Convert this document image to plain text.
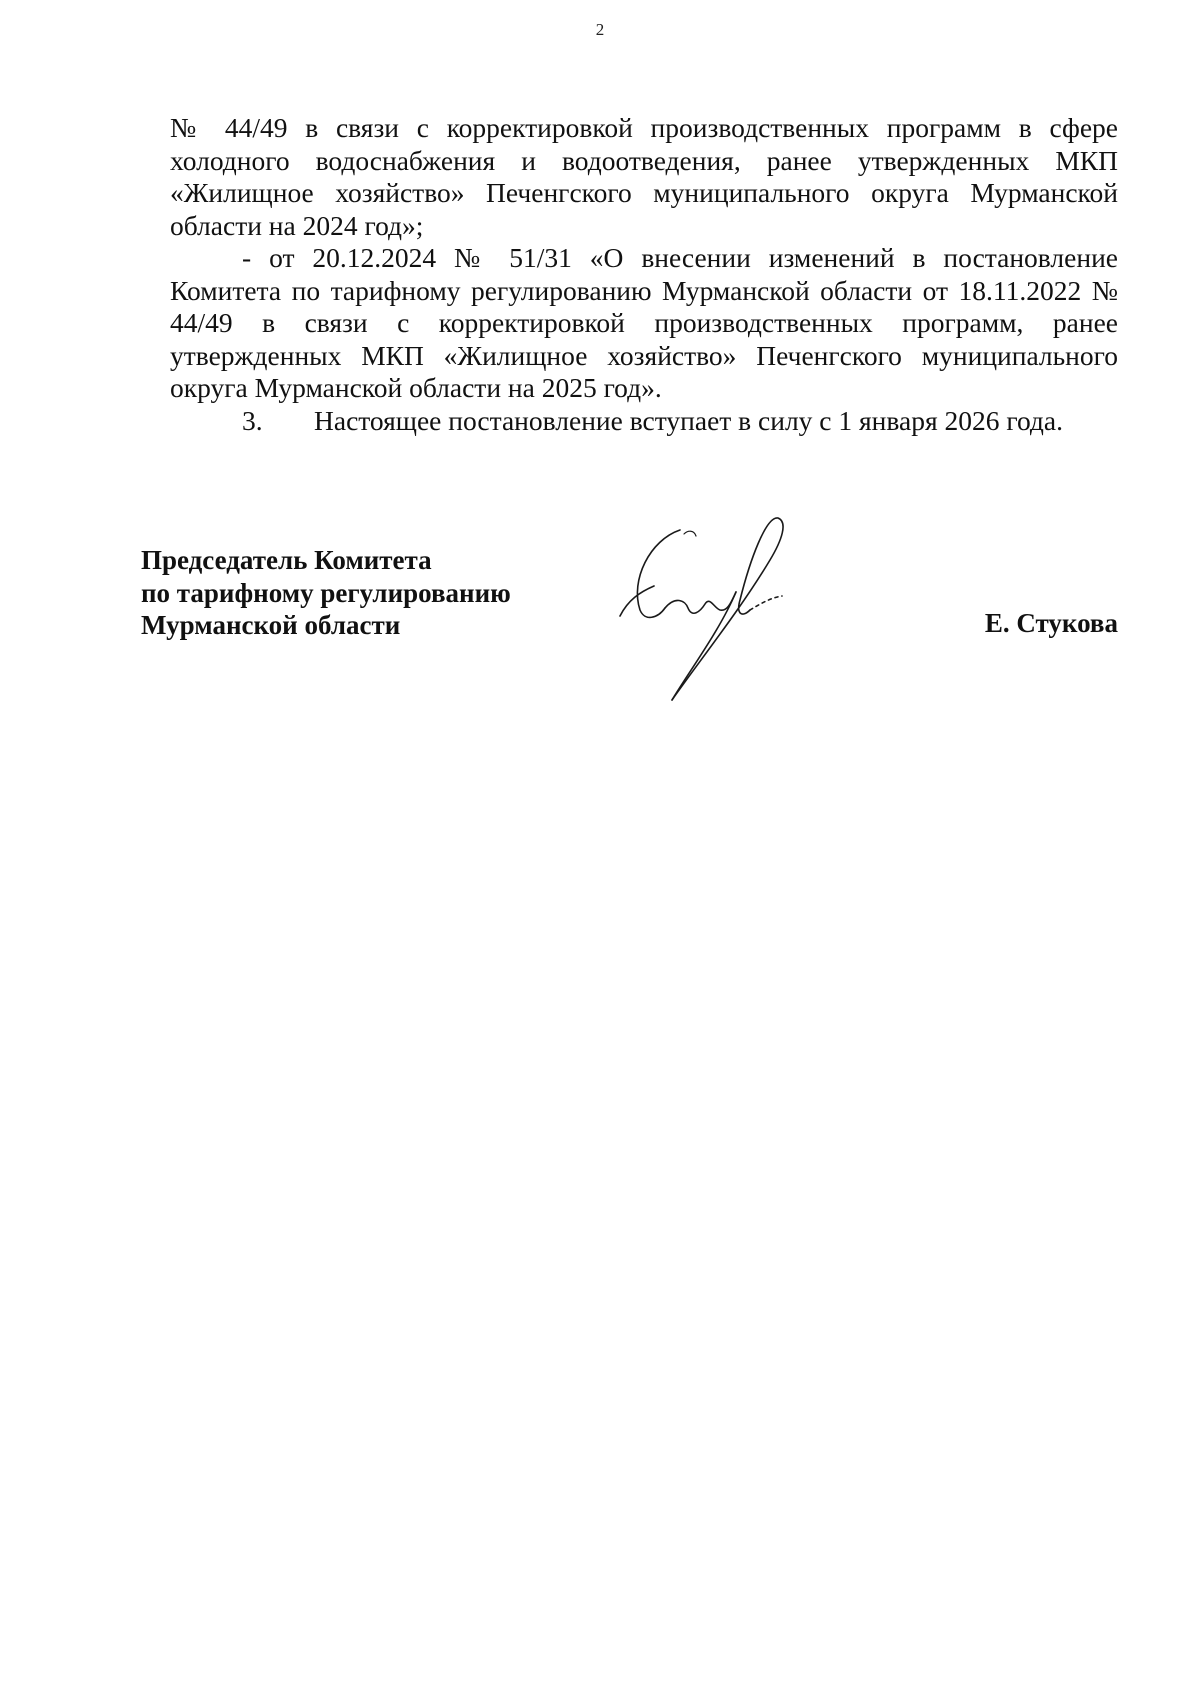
2

№ 44/49 в связи с корректировкой производственных программ в сфере холодного водоснабжения и водоотведения, ранее утвержденных МКП «Жилищное хозяйство» Печенгского муниципального округа Мурманской области на 2024 год»;

- от 20.12.2024 № 51/31 «О внесении изменений в постановление Комитета по тарифному регулированию Мурманской области от 18.11.2022 № 44/49 в связи с корректировкой производственных программ, ранее утвержденных МКП «Жилищное хозяйство» Печенгского муниципального округа Мурманской области на 2025 год».

3. Настоящее постановление вступает в силу с 1 января 2026 года.

Председатель Комитета
по тарифному регулированию
Мурманской области	Е. Стукова
